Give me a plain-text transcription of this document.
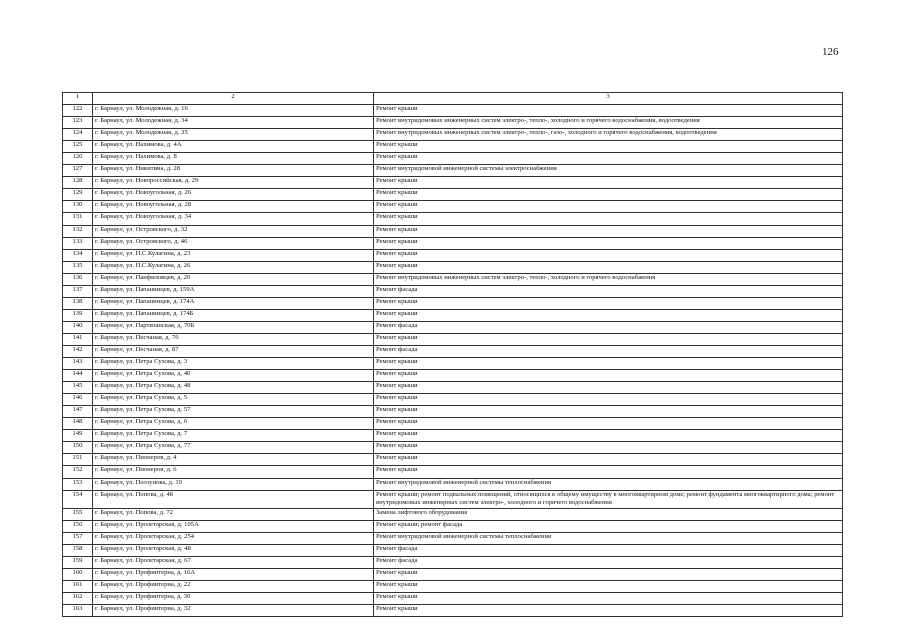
126
1	2	3
122	г. Барнаул, ул. Молодежная, д. 16	Ремонт крыши
123	г. Барнаул, ул. Молодежная, д. 34	Ремонт внутридомовых инженерных систем электро-, тепло-, холодного и горячего водоснабжения, водоотведения
124	г. Барнаул, ул. Молодежная, д. 35	Ремонт внутридомовых инженерных систем электро-, тепло-, газо-, холодного и горячего водоснабжения, водоотведения
125	г. Барнаул, ул. Нахимова, д. 4А	Ремонт крыши
126	г. Барнаул, ул. Нахимова, д. 8	Ремонт крыши
127	г. Барнаул, ул. Никитина, д. 28	Ремонт внутридомовой инженерной системы электроснабжения
128	г. Барнаул, ул. Новороссийская, д. 29	Ремонт крыши
129	г. Барнаул, ул. Новоугольная, д. 26	Ремонт крыши
130	г. Барнаул, ул. Новоугольная, д. 28	Ремонт крыши
131	г. Барнаул, ул. Новоугольная, д. 34	Ремонт крыши
132	г. Барнаул, ул. Островского, д. 32	Ремонт крыши
133	г. Барнаул, ул. Островского, д. 46	Ремонт крыши
134	г. Барнаул, ул. П.С.Кулагина, д. 23	Ремонт крыши
135	г. Барнаул, ул. П.С.Кулагина, д. 26	Ремонт крыши
136	г. Барнаул, ул. Панфиловцев, д. 20	Ремонт внутридомовых инженерных систем электро-, тепло-, холодного и горячего водоснабжения
137	г. Барнаул, ул. Папанинцев, д. 159А	Ремонт фасада
138	г. Барнаул, ул. Папанинцев, д. 174А	Ремонт крыши
139	г. Барнаул, ул. Папанинцев, д. 174Б	Ремонт крыши
140	г. Барнаул, ул. Партизанская, д. 70Б	Ремонт фасада
141	г. Барнаул, ул. Песчаная, д. 76	Ремонт крыши
142	г. Барнаул, ул. Песчаная, д. 87	Ремонт фасада
143	г. Барнаул, ул. Петра Сухова, д. 3	Ремонт крыши
144	г. Барнаул, ул. Петра Сухова, д. 40	Ремонт крыши
145	г. Барнаул, ул. Петра Сухова, д. 48	Ремонт крыши
146	г. Барнаул, ул. Петра Сухова, д. 5	Ремонт крыши
147	г. Барнаул, ул. Петра Сухова, д. 57	Ремонт крыши
148	г. Барнаул, ул. Петра Сухова, д. 6	Ремонт крыши
149	г. Барнаул, ул. Петра Сухова, д. 7	Ремонт крыши
150	г. Барнаул, ул. Петра Сухова, д. 77	Ремонт крыши
151	г. Барнаул, ул. Пионеров, д. 4	Ремонт крыши
152	г. Барнаул, ул. Пионеров, д. 6	Ремонт крыши
153	г. Барнаул, ул. Ползунова, д. 19	Ремонт внутридомовой инженерной системы теплоснабжения
154	г. Барнаул, ул. Попова, д. 48	Ремонт крыши; ремонт подвальных помещений, относящихся к общему имуществу в многоквартирном доме; ремонт фундамента многоквартирного дома; ремонт внутридомовых инженерных систем электро-, холодного и горячего водоснабжения
155	г. Барнаул, ул. Попова, д. 72	Замена лифтового оборудования
156	г. Барнаул, ул. Пролетарская, д. 105А	Ремонт крыши; ремонт фасада
157	г. Барнаул, ул. Пролетарская, д. 254	Ремонт внутридомовой инженерной системы теплоснабжения
158	г. Барнаул, ул. Пролетарская, д. 48	Ремонт фасада
159	г. Барнаул, ул. Пролетарская, д. 67	Ремонт фасада
160	г. Барнаул, ул. Профинтерна, д. 16А	Ремонт крыши
161	г. Барнаул, ул. Профинтерна, д. 22	Ремонт крыши
162	г. Барнаул, ул. Профинтерна, д. 30	Ремонт крыши
163	г. Барнаул, ул. Профинтерна, д. 32	Ремонт крыши
